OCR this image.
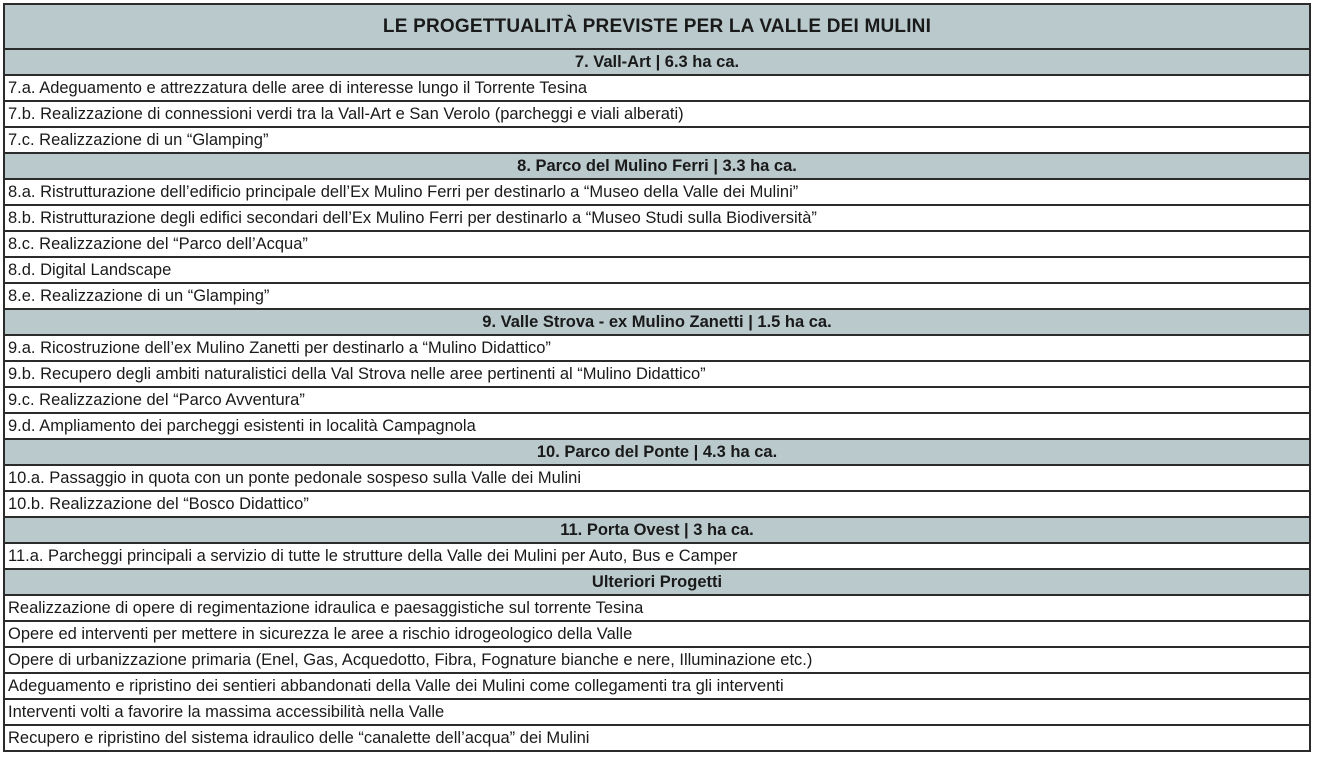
LE PROGETTUALITÀ PREVISTE PER LA VALLE DEI MULINI
7. Vall-Art | 6.3 ha ca.
7.a. Adeguamento e attrezzatura delle aree di interesse lungo il Torrente Tesina
7.b. Realizzazione di connessioni verdi tra la Vall-Art e San Verolo (parcheggi e viali alberati)
7.c. Realizzazione di un “Glamping”
8. Parco del Mulino Ferri | 3.3 ha ca.
8.a. Ristrutturazione dell’edificio principale dell’Ex Mulino Ferri per destinarlo a “Museo della Valle dei Mulini”
8.b. Ristrutturazione degli edifici secondari dell’Ex Mulino Ferri per destinarlo a “Museo Studi sulla Biodiversità”
8.c. Realizzazione del “Parco dell’Acqua”
8.d. Digital Landscape
8.e. Realizzazione di un “Glamping”
9. Valle Strova - ex Mulino Zanetti | 1.5 ha ca.
9.a. Ricostruzione dell’ex Mulino Zanetti per destinarlo a “Mulino Didattico”
9.b. Recupero degli ambiti naturalistici della Val Strova nelle aree pertinenti al “Mulino Didattico”
9.c. Realizzazione del “Parco Avventura”
9.d. Ampliamento dei parcheggi esistenti in località Campagnola
10. Parco del Ponte | 4.3 ha ca.
10.a. Passaggio in quota con un ponte pedonale sospeso sulla Valle dei Mulini
10.b. Realizzazione del “Bosco Didattico”
11. Porta Ovest | 3 ha ca.
11.a. Parcheggi principali a servizio di tutte le strutture della Valle dei Mulini per Auto, Bus e Camper
Ulteriori Progetti
Realizzazione di opere di regimentazione idraulica e paesaggistiche sul torrente Tesina
Opere ed interventi per mettere in sicurezza le aree a rischio idrogeologico della Valle
Opere di urbanizzazione primaria (Enel, Gas, Acquedotto, Fibra, Fognature bianche e nere, Illuminazione etc.)
Adeguamento e ripristino dei sentieri abbandonati della Valle dei Mulini come collegamenti tra gli interventi
Interventi volti a favorire la massima accessibilità nella Valle
Recupero e ripristino del sistema idraulico delle “canalette dell’acqua” dei Mulini
